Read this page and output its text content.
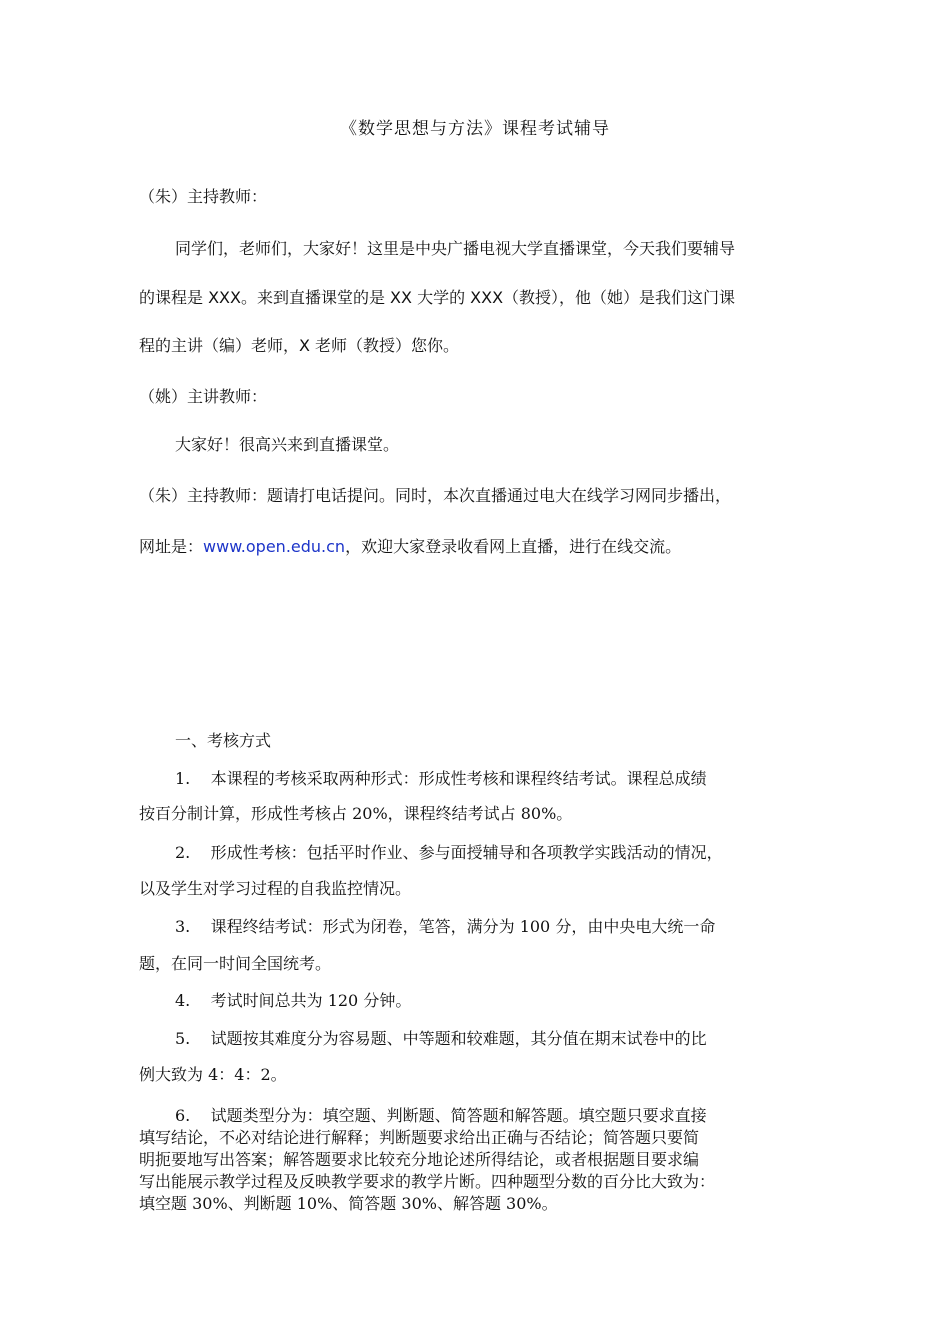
《数学思想与方法》课程考试辅导
（朱）主持教师：
同学们，老师们，大家好！这里是中央广播电视大学直播课堂，今天我们要辅导
的课程是 XXX。来到直播课堂的是 XX 大学的 XXX（教授），他（她）是我们这门课
程的主讲（编）老师，X 老师（教授）您你。
（姚）主讲教师：
大家好！很高兴来到直播课堂。
（朱）主持教师：题请打电话提问。同时，本次直播通过电大在线学习网同步播出，
网址是：www.open.edu.cn，欢迎大家登录收看网上直播，进行在线交流。
一、考核方式
1. 本课程的考核采取两种形式：形成性考核和课程终结考试。课程总成绩
按百分制计算，形成性考核占 20%，课程终结考试占 80%。
2. 形成性考核：包括平时作业、参与面授辅导和各项教学实践活动的情况，
以及学生对学习过程的自我监控情况。
3. 课程终结考试：形式为闭卷，笔答，满分为 100 分，由中央电大统一命
题，在同一时间全国统考。
4. 考试时间总共为 120 分钟。
5. 试题按其难度分为容易题、中等题和较难题，其分值在期末试卷中的比
例大致为 4：4：2。
6. 试题类型分为：填空题、判断题、简答题和解答题。填空题只要求直接
填写结论，不必对结论进行解释；判断题要求给出正确与否结论；简答题只要简
明扼要地写出答案；解答题要求比较充分地论述所得结论，或者根据题目要求编
写出能展示教学过程及反映教学要求的教学片断。四种题型分数的百分比大致为：
填空题 30%、判断题 10%、简答题 30%、解答题 30%。
